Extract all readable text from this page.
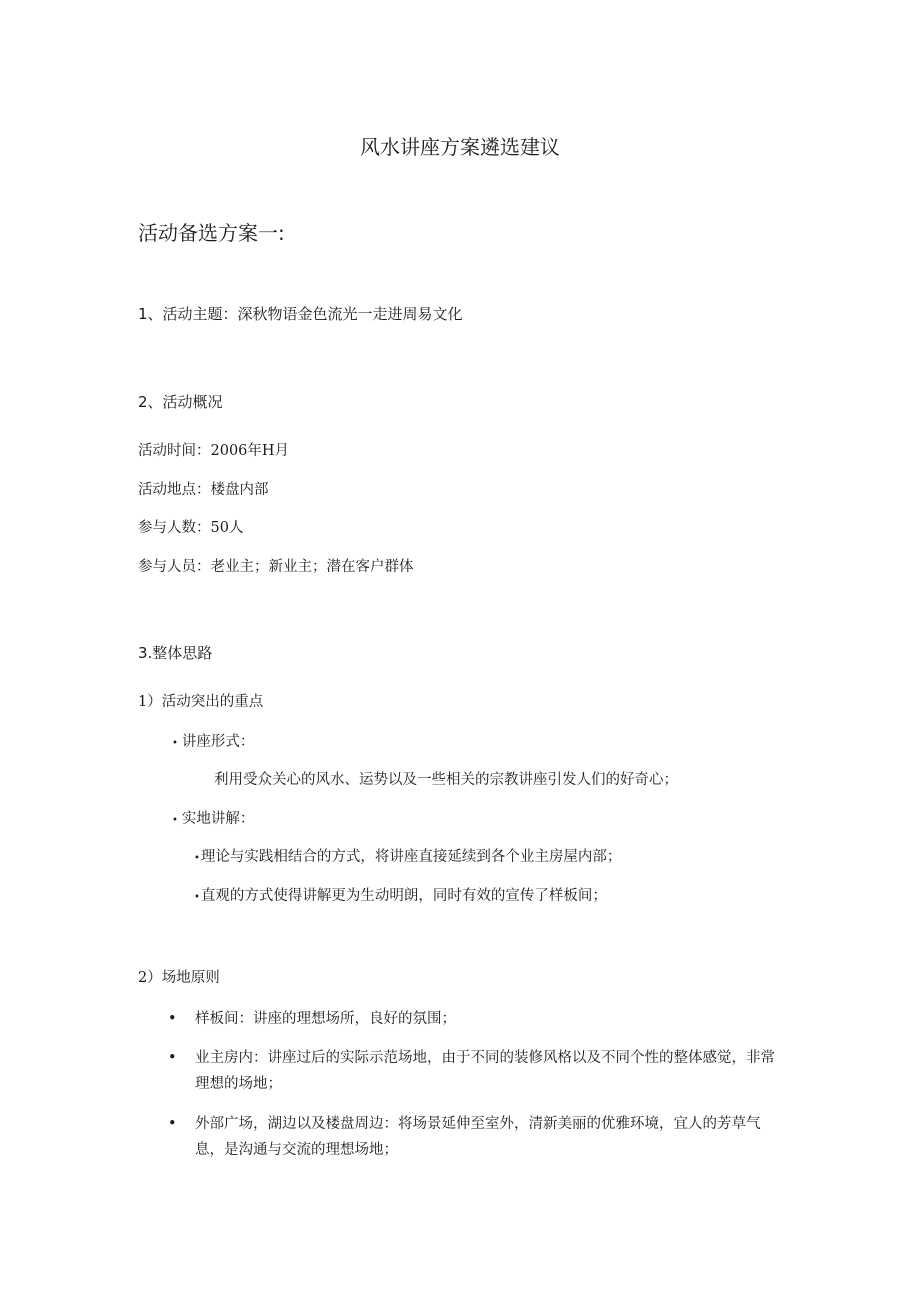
风水讲座方案遴选建议
活动备选方案一:
1、活动主题：深秋物语金色流光一走进周易文化
2、活动概况
活动时间：2006年H月
活动地点：楼盘内部
参与人数：50人
参与人员：老业主；新业主；潜在客户群体
3.整体思路
1）活动突出的重点
• 讲座形式：
利用受众关心的风水、运势以及一些相关的宗教讲座引发人们的好奇心；
• 实地讲解：
•理论与实践相结合的方式，将讲座直接延续到各个业主房屋内部；
•直观的方式使得讲解更为生动明朗，同时有效的宣传了样板间；
2）场地原则
• 样板间：讲座的理想场所，良好的氛围；
• 业主房内：讲座过后的实际示范场地，由于不同的装修风格以及不同个性的整体感觉，非常理想的场地；
• 外部广场，湖边以及楼盘周边：将场景延伸至室外，清新美丽的优雅环境，宜人的芳草气息，是沟通与交流的理想场地；
